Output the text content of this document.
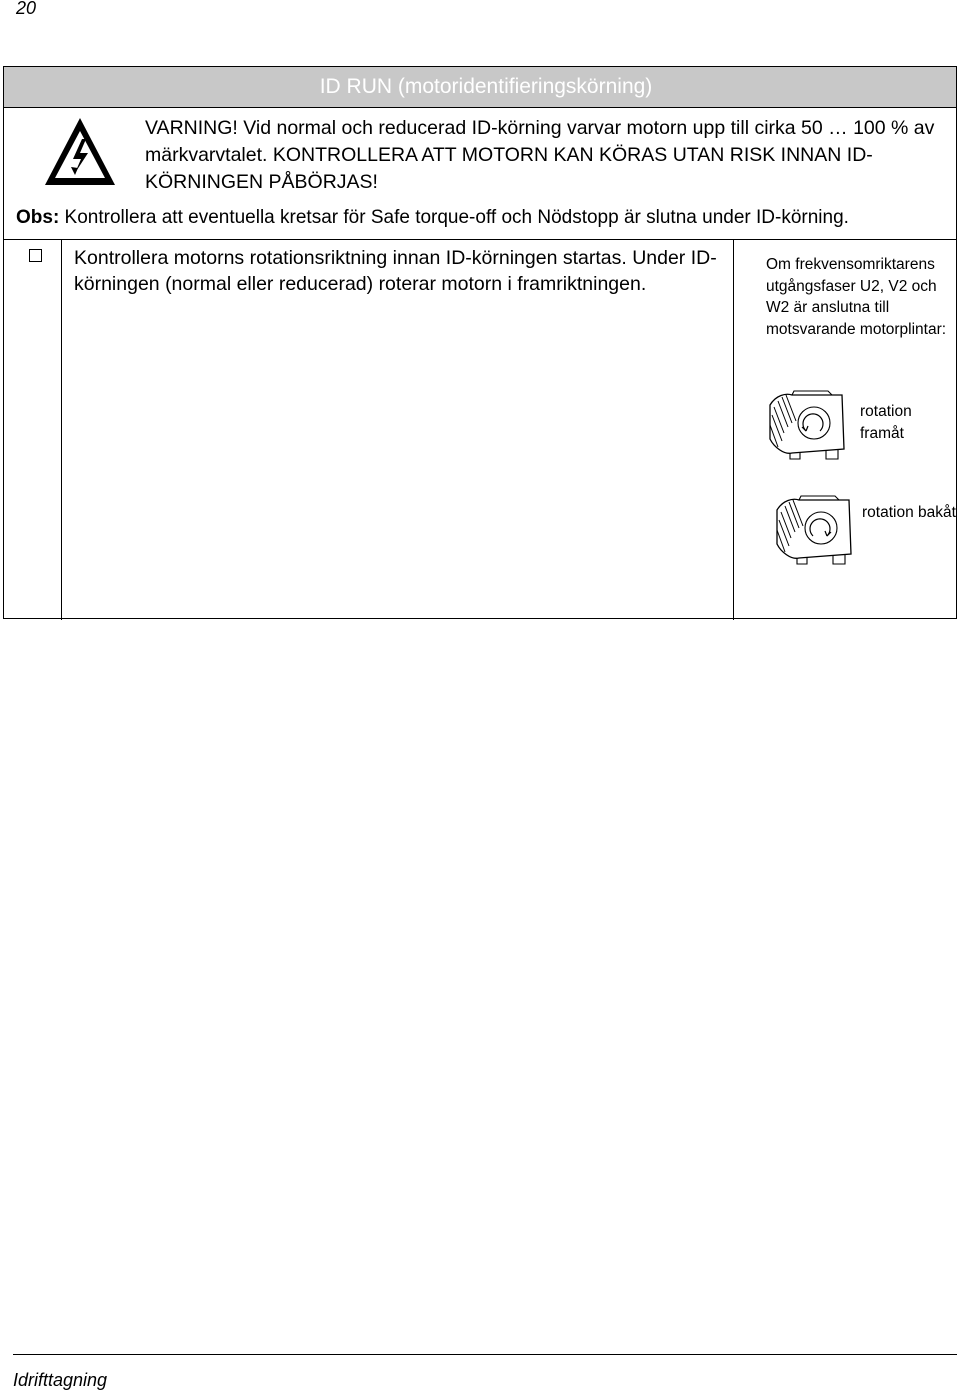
20
ID RUN (motoridentifieringskörning)
VARNING! Vid normal och reducerad ID-körning varvar motorn upp till cirka 50 … 100 % av märkvarvtalet. KONTROLLERA ATT MOTORN KAN KÖRAS UTAN RISK INNAN ID-KÖRNINGEN PÅBÖRJAS!
Obs: Kontrollera att eventuella kretsar för Safe torque-off och Nödstopp är slutna under ID-körning.
Kontrollera motorns rotationsriktning innan ID-körningen startas. Under ID-körningen (normal eller reducerad) roterar motorn i framriktningen.
Om frekvensomriktarens utgångsfaser U2, V2 och W2 är anslutna till motsvarande motorplintar:
rotation framåt
rotation bakåt
Idrifttagning
